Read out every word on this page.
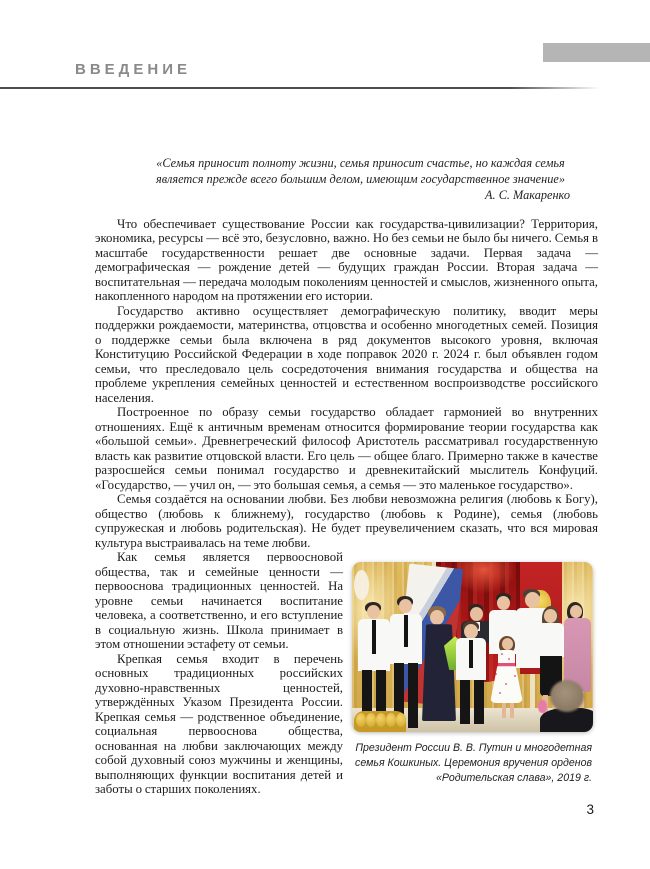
ВВЕДЕНИЕ
«Семья приносит полноту жизни, семья приносит счастье, но каждая семья
является прежде всего большим делом, имеющим государственное значение»
А. С. Макаренко

Что обеспечивает существование России как государства-цивилизации? Территория, экономика, ресурсы — всё это, безусловно, важно. Но без семьи не было бы ничего. Семья в масштабе государственности решает две основные задачи. Первая задача — демографическая — рождение детей — будущих граждан России. Вторая задача — воспитательная — передача молодым поколениям ценностей и смыслов, жизненного опыта, накопленного народом на протяжении его истории.

Государство активно осуществляет демографическую политику, вводит меры поддержки рождаемости, материнства, отцовства и особенно многодетных семей. Позиция о поддержке семьи была включена в ряд документов высокого уровня, включая Конституцию Российской Федерации в ходе поправок 2020 г. 2024 г. был объявлен годом семьи, что преследовало цель сосредоточения внимания государства и общества на проблеме укрепления семейных ценностей и естественном воспроизводстве российского населения.

Построенное по образу семьи государство обладает гармонией во внутренних отношениях. Ещё к античным временам относится формирование теории государства как «большой семьи». Древнегреческий философ Аристотель рассматривал государственную власть как развитие отцовской власти. Его цель — общее благо. Примерно также в качестве разросшейся семьи понимал государство и древнекитайский мыслитель Конфуций. «Государство, — учил он, — это большая семья, а семья — это маленькое государство».

Семья создаётся на основании любви. Без любви невозможна религия (любовь к Богу), общество (любовь к ближнему), государство (любовь к Родине), семья (любовь супружеская и любовь родительская). Не будет преувеличением сказать, что вся мировая культура выстраивалась на теме любви.

Президент России В. В. Путин и многодетная
семья Кошкиных. Церемония вручения орденов
«Родительская слава», 2019 г.

Как семья является первоосновой общества, так и семейные ценности — первооснова традиционных ценностей. На уровне семьи начинается воспитание человека, а соответственно, и его вступление в социальную жизнь. Школа принимает в этом отношении эстафету от семьи.

Крепкая семья входит в перечень основных традиционных российских духовно-нравственных ценностей, утверждённых Указом Президента России. Крепкая семья — родственное объединение, социальная первооснова общества, основанная на любви заключающих между собой духовный союз мужчины и женщины, выполняющих функции воспитания детей и заботы о старших поколениях.

3
